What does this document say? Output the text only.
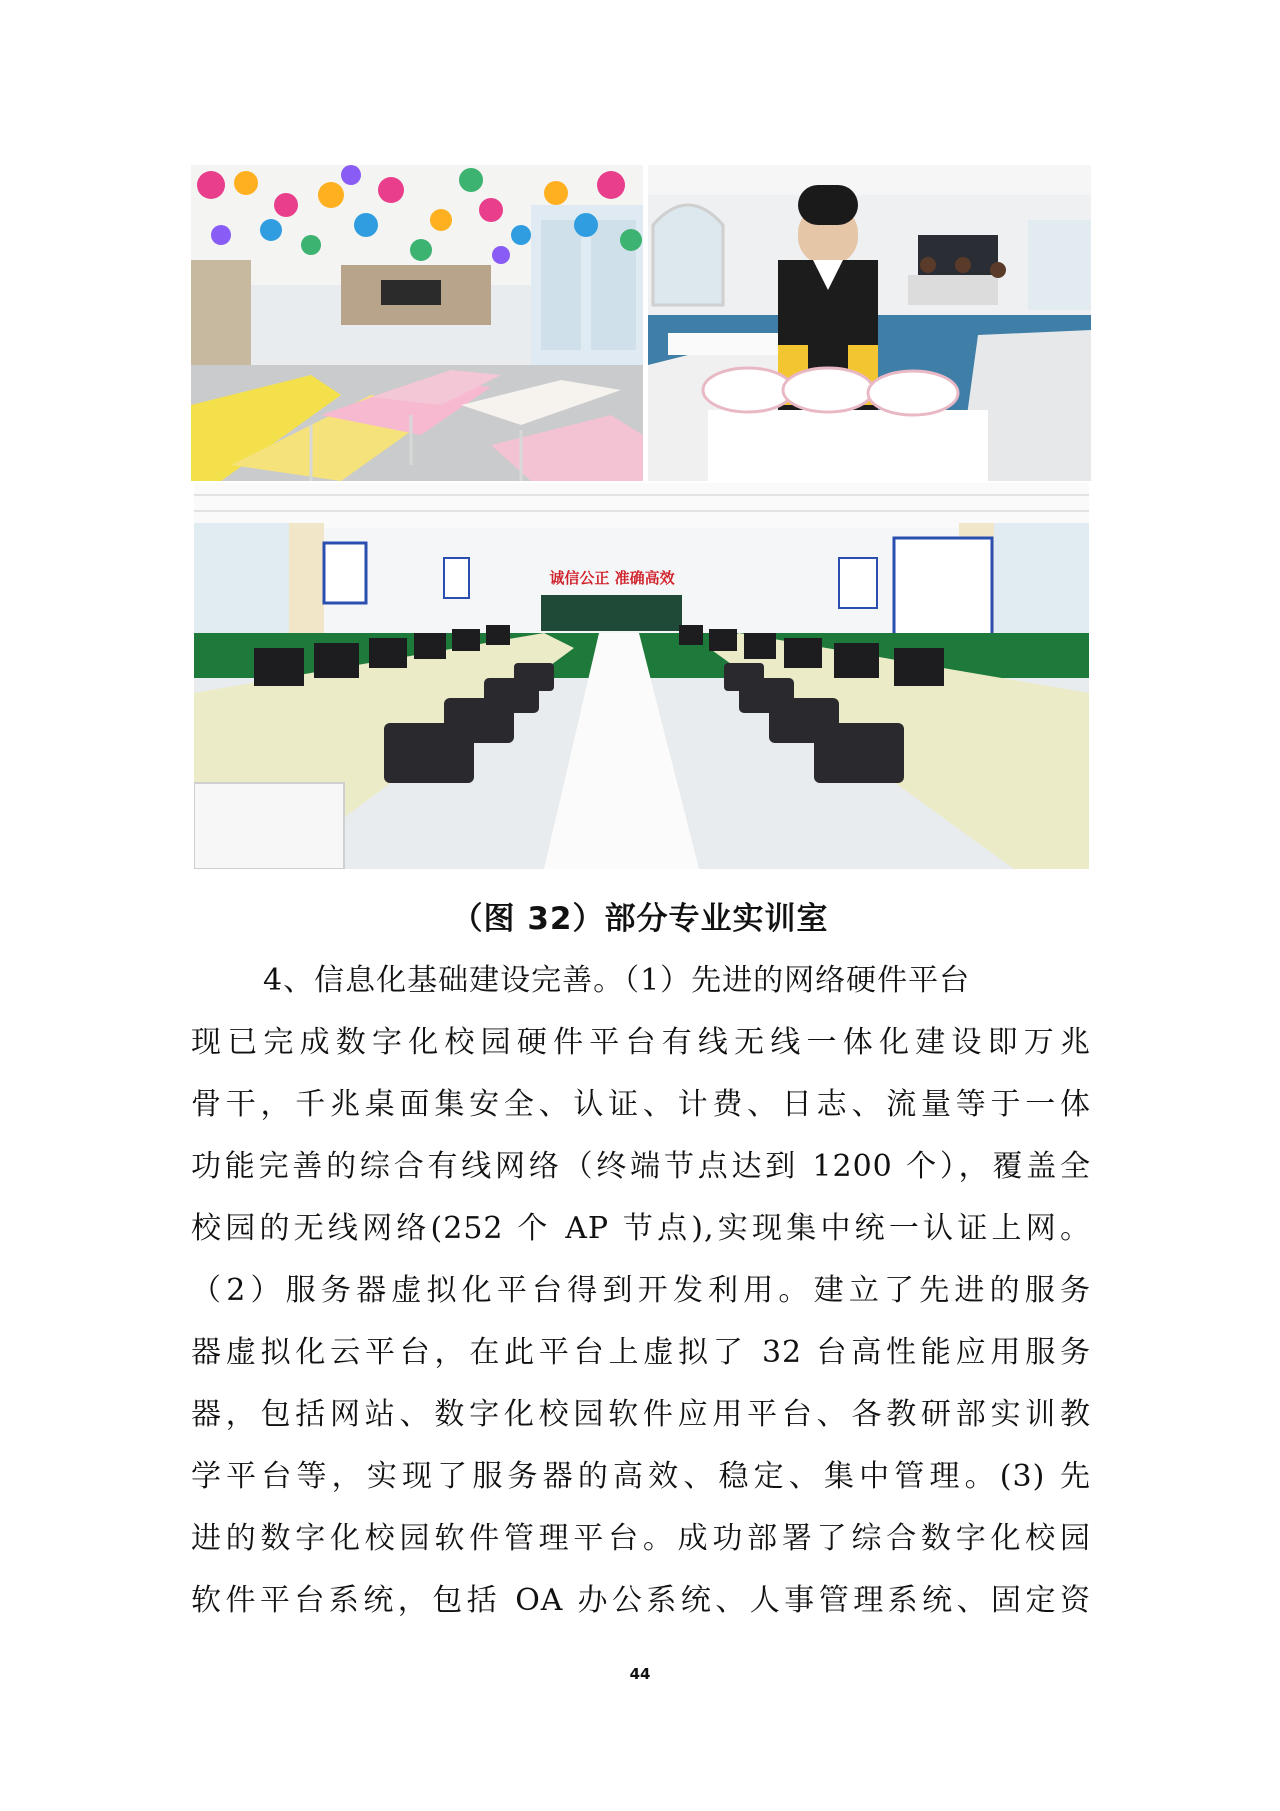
诚信公正 准确高效
（图 32）部分专业实训室
4、信息化基础建设完善。（1）先进的网络硬件平台
现已完成数字化校园硬件平台有线无线一体化建设即万兆
骨干，千兆桌面集安全、认证、计费、日志、流量等于一体
功能完善的综合有线网络（终端节点达到 1200 个），覆盖全
校园的无线网络(252 个 AP 节点),实现集中统一认证上网。
（2）服务器虚拟化平台得到开发利用。建立了先进的服务
器虚拟化云平台，在此平台上虚拟了 32 台高性能应用服务
器，包括网站、数字化校园软件应用平台、各教研部实训教
学平台等，实现了服务器的高效、稳定、集中管理。(3) 先
进的数字化校园软件管理平台。成功部署了综合数字化校园
软件平台系统，包括 OA 办公系统、人事管理系统、固定资
44
